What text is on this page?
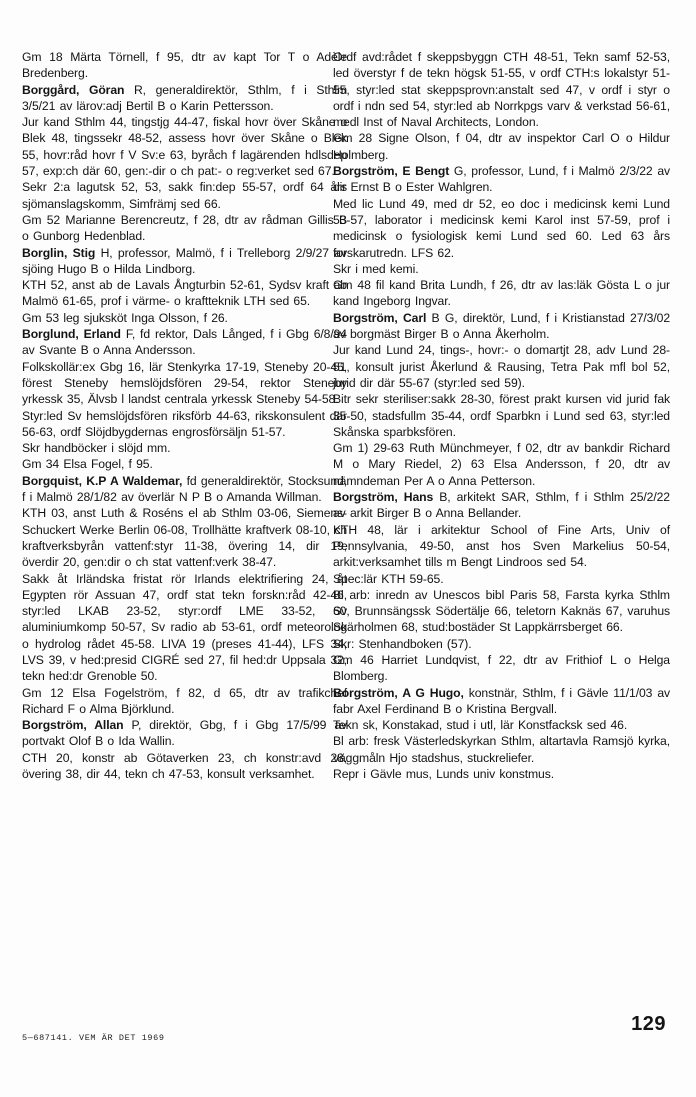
Gm 18 Märta Törnell, f 95, dtr av kapt Tor T o Adèle Bredenberg.

Borggård, Göran R, generaldirektör, Sthlm, f i Sthlm 3/5/21 av lärov:adj Bertil B o Karin Pettersson.

Jur kand Sthlm 44, tingstjg 44-47, fiskal hovr över Skåne o Blek 48, tingssekr 48-52, assess hovr över Skåne o Blek 55, hovr:råd hovr f V Sv:e 63, byråch f lagärenden hdlsdep 57, exp:ch där 60, gen:-dir o ch pat:- o reg:verket sed 67.

Sekr 2:a lagutsk 52, 53, sakk fin:dep 55-57, ordf 64 års sjömanslagskomm, Simfrämj sed 66.

Gm 52 Marianne Berencreutz, f 28, dtr av rådman Gillis B o Gunborg Hedenblad.

Borglin, Stig H, professor, Malmö, f i Trelleborg 2/9/27 av sjöing Hugo B o Hilda Lindborg.

KTH 52, anst ab de Lavals Ångturbin 52-61, Sydsv kraft ab Malmö 61-65, prof i värme- o kraftteknik LTH sed 65.

Gm 53 leg sjuksköt Inga Olsson, f 26.

Borglund, Erland F, fd rektor, Dals Långed, f i Gbg 6/8/94 av Svante B o Anna Andersson.

Folkskollär:ex Gbg 16, lär Stenkyrka 17-19, Steneby 20-45, förest Steneby hemslöjdsfören 29-54, rektor Steneby yrkessk 35, Älvsb l landst centrala yrkessk Steneby 54-58.

Styr:led Sv hemslöjdsfören riksförb 44-63, rikskonsulent där 56-63, ordf Slöjdbygdernas engrosförsäljn 51-57.

Skr handböcker i slöjd mm.

Gm 34 Elsa Fogel, f 95.

Borgquist, K.P A Waldemar, fd generaldirektör, Stocksund, f i Malmö 28/1/82 av överlär N P B o Amanda Willman.

KTH 03, anst Luth & Roséns el ab Sthlm 03-06, Siemens-Schuckert Werke Berlin 06-08, Trollhätte kraftverk 08-10, ch kraftverksbyrån vattenf:styr 11-38, övering 14, dir 19, överdir 20, gen:dir o ch stat vattenf:verk 38-47.

Sakk åt Irländska fristat rör Irlands elektrifiering 24, åt Egypten rör Assuan 47, ordf stat tekn forskn:råd 42-46, styr:led LKAB 23-52, styr:ordf LME 33-52, Sv aluminiumkomp 50-57, Sv radio ab 53-61, ordf meteorolog o hydrolog rådet 45-58. LIVA 19 (preses 41-44), LFS 34, LVS 39, v hed:presid CIGRÉ sed 27, fil hed:dr Uppsala 32, tekn hed:dr Grenoble 50.

Gm 12 Elsa Fogelström, f 82, d 65, dtr av trafikchef Richard F o Alma Björklund.

Borgström, Allan P, direktör, Gbg, f i Gbg 17/5/99 av portvakt Olof B o Ida Wallin.

CTH 20, konstr ab Götaverken 23, ch konstr:avd 28, övering 38, dir 44, tekn ch 47-53, konsult verksamhet.

Ordf avd:rådet f skeppsbyggn CTH 48-51, Tekn samf 52-53, led överstyr f de tekn högsk 51-55, v ordf CTH:s lokalstyr 51-55, styr:led stat skeppsprovn:anstalt sed 47, v ordf i styr o ordf i ndn sed 54, styr:led ab Norrkpgs varv & verkstad 56-61, medl Inst of Naval Architects, London.

Gm 28 Signe Olson, f 04, dtr av inspektor Carl O o Hildur Holmberg.

Borgström, E Bengt G, professor, Lund, f i Malmö 2/3/22 av dir Ernst B o Ester Wahlgren.

Med lic Lund 49, med dr 52, eo doc i medicinsk kemi Lund 53-57, laborator i medicinsk kemi Karol inst 57-59, prof i medicinsk o fysiologisk kemi Lund sed 60. Led 63 års forskarutredn. LFS 62.

Skr i med kemi.

Gm 48 fil kand Brita Lundh, f 26, dtr av las:läk Gösta L o jur kand Ingeborg Ingvar.

Borgström, Carl B G, direktör, Lund, f i Kristianstad 27/3/02 av borgmäst Birger B o Anna Åkerholm.

Jur kand Lund 24, tings-, hovr:- o domartjt 28, adv Lund 28-51, konsult jurist Åkerlund & Rausing, Tetra Pak mfl bol 52, jurid dir där 55-67 (styr:led sed 59).

Bitr sekr steriliser:sakk 28-30, förest prakt kursen vid jurid fak 35-50, stadsfullm 35-44, ordf Sparbkn i Lund sed 63, styr:led Skånska sparbksfören.

Gm 1) 29-63 Ruth Münchmeyer, f 02, dtr av bankdir Richard M o Mary Riedel, 2) 63 Elsa Andersson, f 20, dtr av nämndeman Per A o Anna Petterson.

Borgström, Hans B, arkitekt SAR, Sthlm, f i Sthlm 25/2/22 av arkit Birger B o Anna Bellander.

KTH 48, lär i arkitektur School of Fine Arts, Univ of Pennsylvania, 49-50, anst hos Sven Markelius 50-54, arkit:verksamhet tills m Bengt Lindroos sed 54.

Spec:lär KTH 59-65.

Bl arb: inredn av Unescos bibl Paris 58, Farsta kyrka Sthlm 60, Brunnsängssk Södertälje 66, teletorn Kaknäs 67, varuhus Skärholmen 68, stud:bostäder St Lappkärrsberget 66.

Skr: Stenhandboken (57).

Gm 46 Harriet Lundqvist, f 22, dtr av Frithiof L o Helga Blomberg.

Borgström, A G Hugo, konstnär, Sthlm, f i Gävle 11/1/03 av fabr Axel Ferdinand B o Kristina Bergvall.

Tekn sk, Konstakad, stud i utl, lär Konstfacksk sed 46.

Bl arb: fresk Västerledskyrkan Sthlm, altartavla Ramsjö kyrka, väggmåln Hjo stadshus, stuckreliefer.

Repr i Gävle mus, Lunds univ konstmus.

5—687141. VEM ÄR DET 1969
129
